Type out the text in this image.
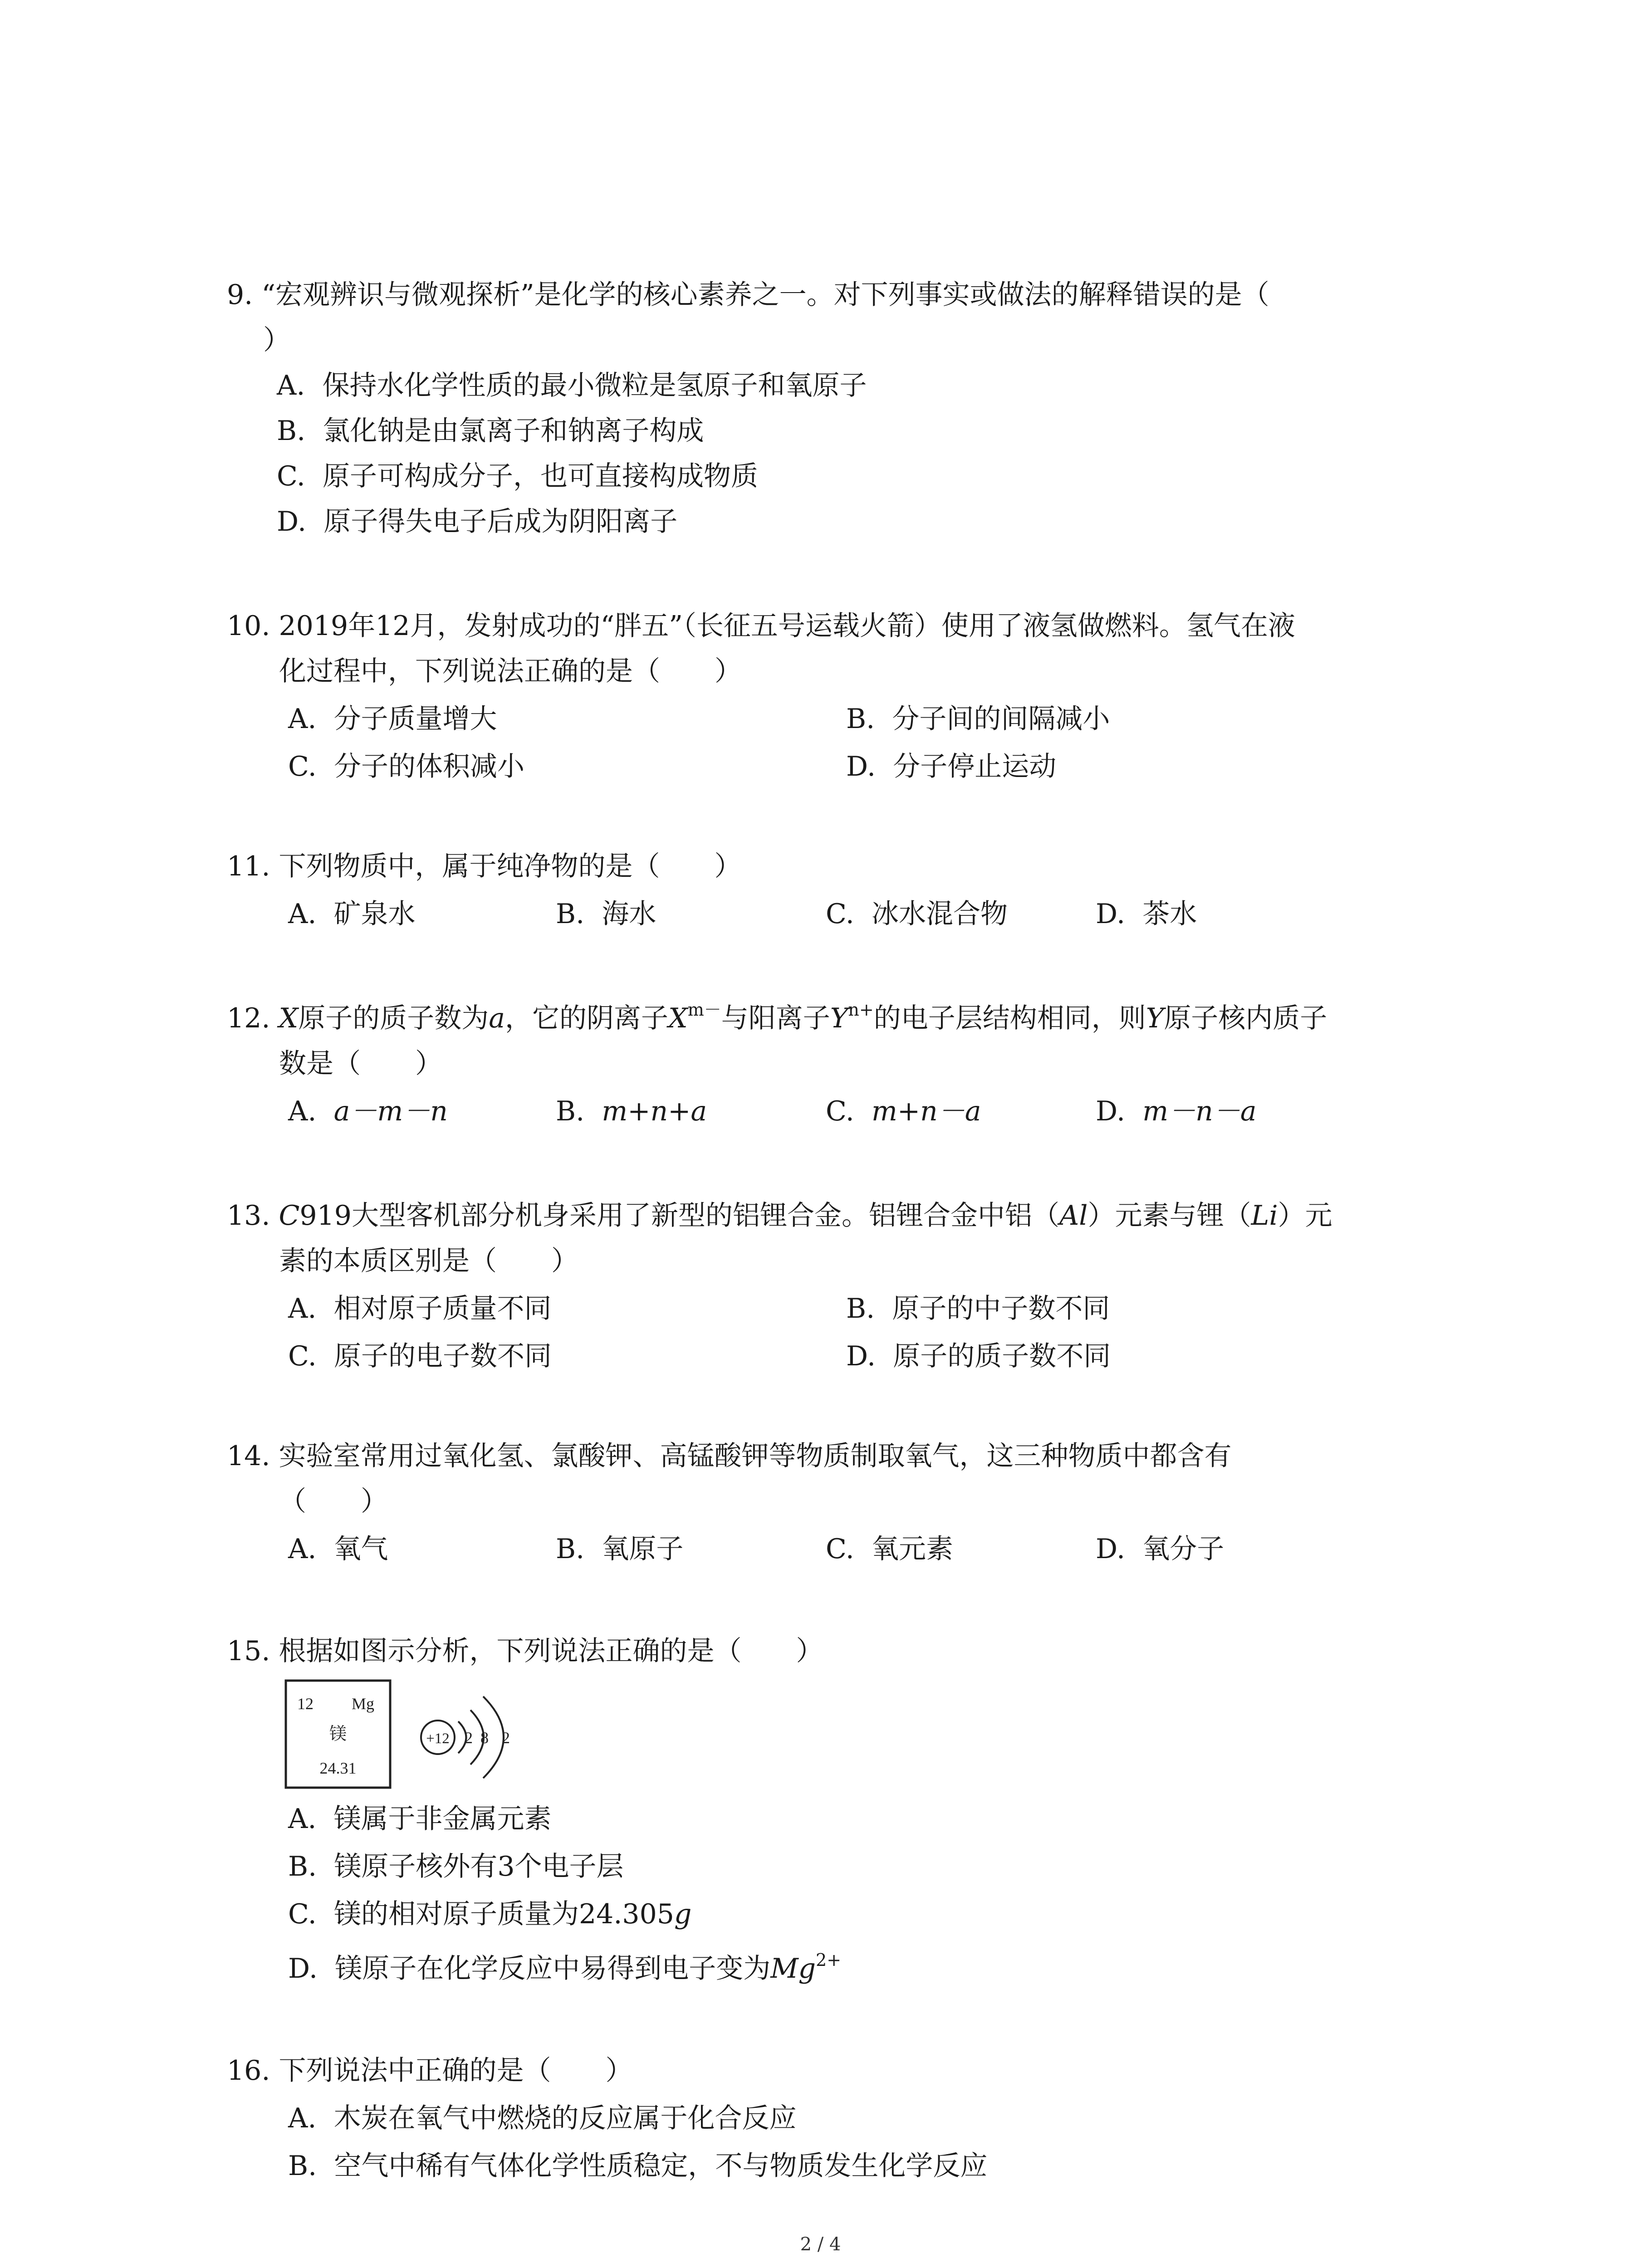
9. “宏观辨识与微观探析”是化学的核心素养之一。对下列事实或做法的解释错误的是（
）
A. 保持水化学性质的最小微粒是氢原子和氧原子
B. 氯化钠是由氯离子和钠离子构成
C. 原子可构成分子，也可直接构成物质
D. 原子得失电子后成为阴阳离子
10. 2019年12月，发射成功的“胖五”（长征五号运载火箭）使用了液氢做燃料。氢气在液
化过程中，下列说法正确的是（　　）
A. 分子质量增大	B. 分子间的间隔减小
C. 分子的体积减小	D. 分子停止运动
11. 下列物质中，属于纯净物的是（　　）
A. 矿泉水	B. 海水	C. 冰水混合物	D. 茶水
12. X原子的质子数为a，它的阴离子$X^{m-}$与阳离子$Y^{n+}$的电子层结构相同，则Y原子核内质子
数是（　　）
A. a－m－n	B. m+n+a	C. m+n－a	D. m－n－a
13. C919大型客机部分机身采用了新型的铝锂合金。铝锂合金中铝（Al）元素与锂（Li）元
素的本质区别是（　　）
A. 相对原子质量不同	B. 原子的中子数不同
C. 原子的电子数不同	D. 原子的质子数不同
14. 实验室常用过氧化氢、氯酸钾、高锰酸钾等物质制取氧气，这三种物质中都含有
（　　）
A. 氧气	B. 氧原子	C. 氧元素	D. 氧分子
15. 根据如图示分析，下列说法正确的是（　　）
12 Mg
镁
24.31
+12 2 8 2
A. 镁属于非金属元素
B. 镁原子核外有3个电子层
C. 镁的相对原子质量为24.305g
D. 镁原子在化学反应中易得到电子变为$Mg^{2+}$
16. 下列说法中正确的是（　　）
A. 木炭在氧气中燃烧的反应属于化合反应
B. 空气中稀有气体化学性质稳定，不与物质发生化学反应
2 / 4
